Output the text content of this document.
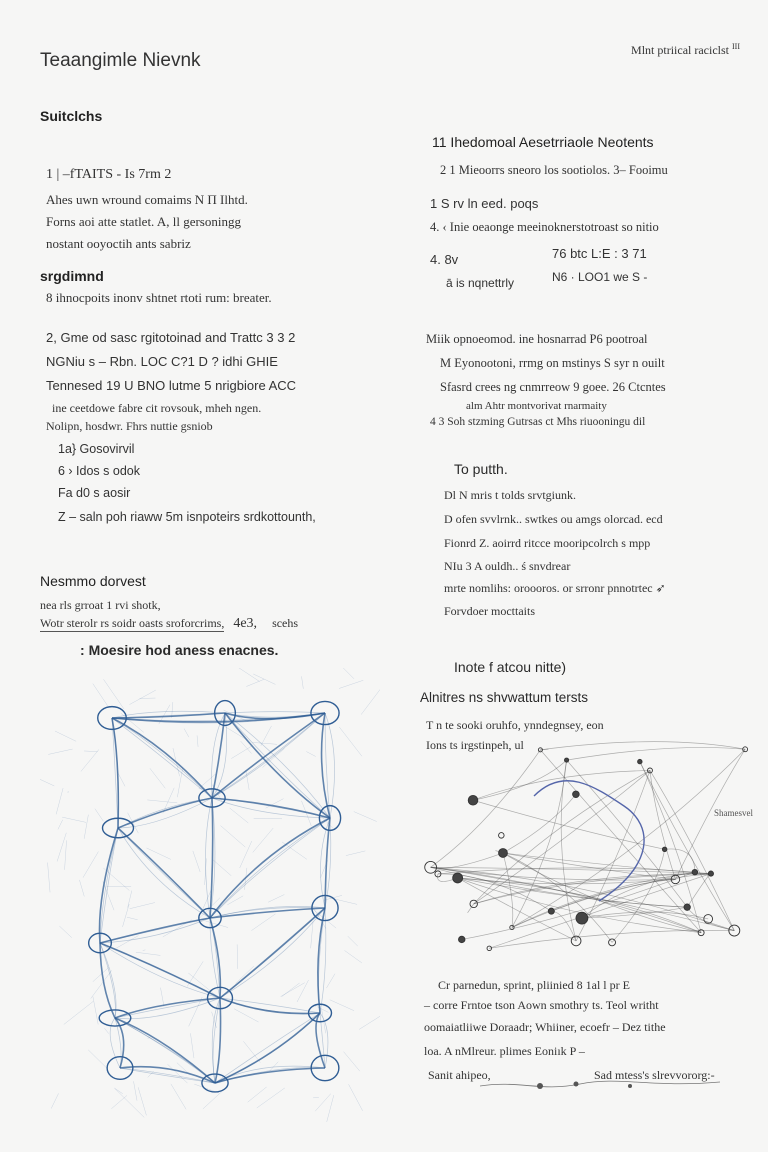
Teaangimle Nievnk	Mlnt ptriical raciclst $^{III}$
Suitclchs
1 | –fTAITS - Is 7rm 2
Ahes uwn wround comaims N Π Ilhtd.
Forns aoi atte statlet. A, ll gersoningg
nostant ooyoctih ants sabriz
srgdimnd
8 ihnocpoits inonv shtnet rtoti rum: breater.
2, Gme od sasc rgitotoinad and Trattc 3 3 2
NGNiu s – Rbn. LOC C?1 D ? idhi GHIE
Tennesed 19 U BNO lutme 5 nrigbiore ACC
ine ceetdowe fabre cit rovsouk, mheh ngen.
Nolipn, hosdwr. Fhrs nuttie gsniob
1a} Gosovirvil
6 › Idos s odok
Fa d0 s aosir
Z – saln poh riaww 5m isnpoteirs srdkottounth,
Nesmmo dorvest
nea rls grroat 1 rvi shotk,
Wotr sterolr rs soidr oasts sroforcrims, 4e3, scehs
: Moesire hod aness enacnes.
11 Ihedomoal Aesetrriaole Neotents
2 1 Mieoorrs sneoro los sootiolos. 3– Fooimu
1 S rv ln eed. poqs
4. ‹ Inie oeaonge meeinoknerstotroast so nitio
4. 8v	76 btc L:E : 3 71
ā is nqnettrly	N6 · LOO1 we S -
Miik opnoeomod. ine hosnarrad P6 pootroal
M Eyonootoni, rrmg on mstinys S syr n ouilt
Sfasrd crees ng cnmrreow 9 goee. 26 Ctcntes
alm Ahtr montvorivat rnarmaity
4 3 Soh stzming Gutrsas ct Mhs riuooningu dil
To putth.
Dl N mris t tolds srvtgiunk.
D ofen svvlrnk.. swtkes ou amgs olorcad. ecd
Fionrd Z. aoirrd ritcce mooripcolrch s mpp
NIu 3 A ouldh.. ś snvdrear
mrte nomlihs: oroooros. or srronr pnnotrtec ➶
Forvdoer mocttaits
Inote f atcou nitte)
Alnitres ns shvwattum tersts
T n te sooki oruhfo, ynndegnsey, eon
Ions ts irgstinpeh, ul
Shamesvel
Cr parnedun, sprint, pliinied 8 1al l pr E
– corre Frntoe tson Aown smothry ts. Teol writht
oomaiatliiwe Doraadr; Whiiner, ecoefr – Dez tithe
loa. A nMlreur. plimes Eoniık P –
Sanit ahipeo,	Sad mtess's slrevvororg:-
